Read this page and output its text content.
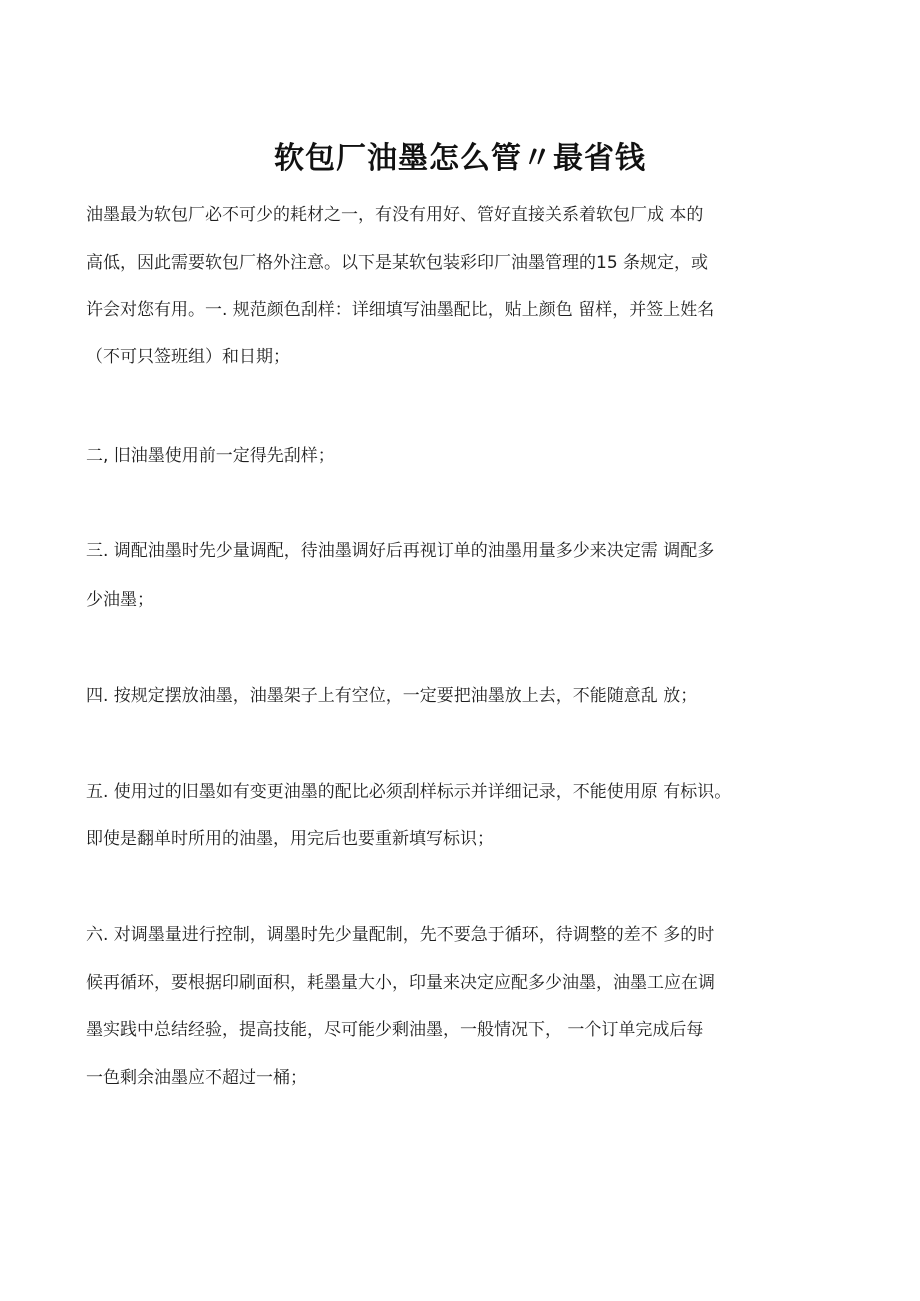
软包厂油墨怎么管〃最省钱
油墨最为软包厂必不可少的耗材之一，有没有用好、管好直接关系着软包厂成 本的
高低，因此需要软包厂格外注意。以下是某软包装彩印厂油墨管理的15 条规定，或
许会对您有用。一. 规范颜色刮样：详细填写油墨配比，贴上颜色 留样，并签上姓名
（不可只签班组）和日期；
二, 旧油墨使用前一定得先刮样；
三. 调配油墨时先少量调配，待油墨调好后再视订单的油墨用量多少来决定需 调配多
少油墨；
四. 按规定摆放油墨，油墨架子上有空位，一定要把油墨放上去，不能随意乱 放；
五. 使用过的旧墨如有变更油墨的配比必须刮样标示并详细记录，不能使用原 有标识。
即使是翻单时所用的油墨，用完后也要重新填写标识；
六. 对调墨量进行控制，调墨时先少量配制，先不要急于循环，待调整的差不 多的时
候再循环，要根据印刷面积，耗墨量大小，印量来决定应配多少油墨，油墨工应在调
墨实践中总结经验，提高技能，尽可能少剩油墨，一般情况下， 一个订单完成后每
一色剩余油墨应不超过一桶；
